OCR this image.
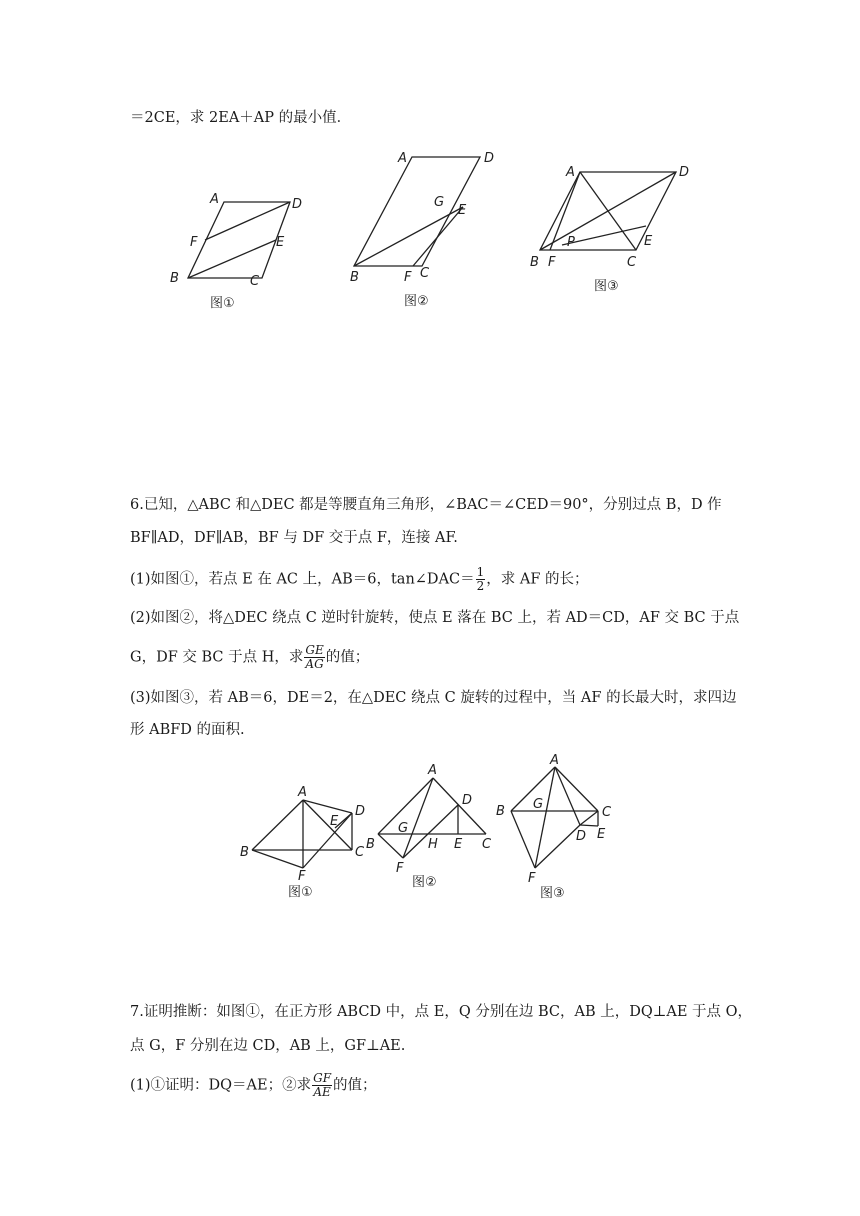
＝2CE，求 2EA＋AP 的最小值．
6.已知，△ABC 和△DEC 都是等腰直角三角形，∠BAC＝∠CED＝90°，分别过点 B，D 作
BF∥AD，DF∥AB，BF 与 DF 交于点 F，连接 AF.
(1)如图①，若点 E 在 AC 上，AB＝6，tan∠DAC＝ $\frac{1}{2}$ ，求 AF 的长；
(2)如图②，将△DEC 绕点 C 逆时针旋转，使点 E 落在 BC 上，若 AD＝CD，AF 交 BC 于点
G，DF 交 BC 于点 H，求 $\frac{GE}{AG}$ 的值；
(3)如图③，若 AB＝6，DE＝2，在△DEC 绕点 C 旋转的过程中，当 AF 的长最大时，求四边
形 ABFD 的面积.
7.证明推断：如图①，在正方形 ABCD 中，点 E，Q 分别在边 BC，AB 上，DQ⊥AE 于点 O，
点 G，F 分别在边 CD，AB 上，GF⊥AE.
(1)①证明：DQ＝AE；②求 $\frac{GF}{AE}$ 的值；
A	D
F	E
B	C
图①
A	D
G
E
B	F C
图②
A	D
P	E
B F	C
图③
A
D
E
B	C
F
图①
A
D
G
B	H E C
F
图②
A
B G
C
D E
F
图③
